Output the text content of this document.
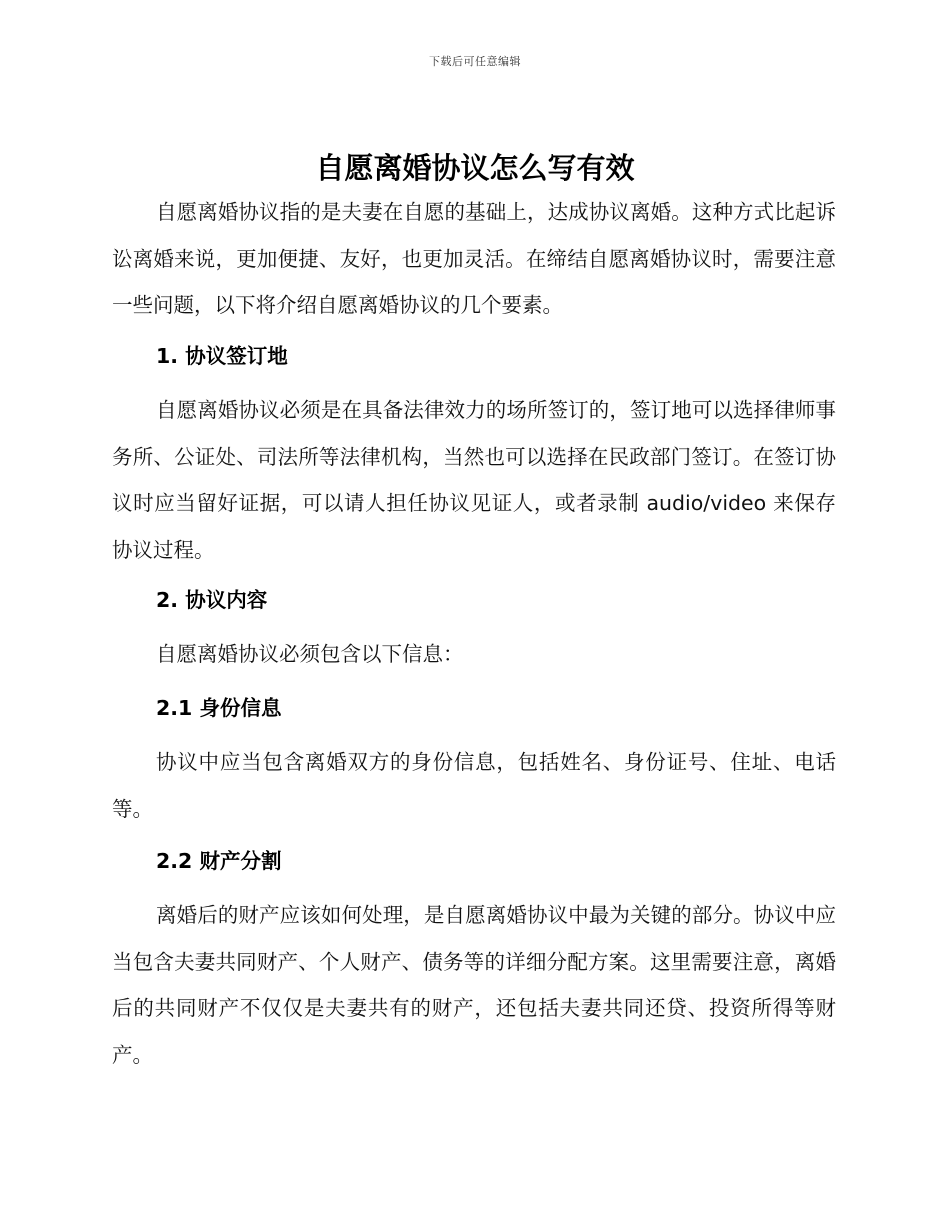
下载后可任意编辑
自愿离婚协议怎么写有效

自愿离婚协议指的是夫妻在自愿的基础上，达成协议离婚。这种方式比起诉讼离婚来说，更加便捷、友好，也更加灵活。在缔结自愿离婚协议时，需要注意一些问题，以下将介绍自愿离婚协议的几个要素。

1. 协议签订地

自愿离婚协议必须是在具备法律效力的场所签订的，签订地可以选择律师事务所、公证处、司法所等法律机构，当然也可以选择在民政部门签订。在签订协议时应当留好证据，可以请人担任协议见证人，或者录制 audio/video 来保存协议过程。

2. 协议内容

自愿离婚协议必须包含以下信息：

2.1 身份信息

协议中应当包含离婚双方的身份信息，包括姓名、身份证号、住址、电话等。

2.2 财产分割

离婚后的财产应该如何处理，是自愿离婚协议中最为关键的部分。协议中应当包含夫妻共同财产、个人财产、债务等的详细分配方案。这里需要注意，离婚后的共同财产不仅仅是夫妻共有的财产，还包括夫妻共同还贷、投资所得等财产。
